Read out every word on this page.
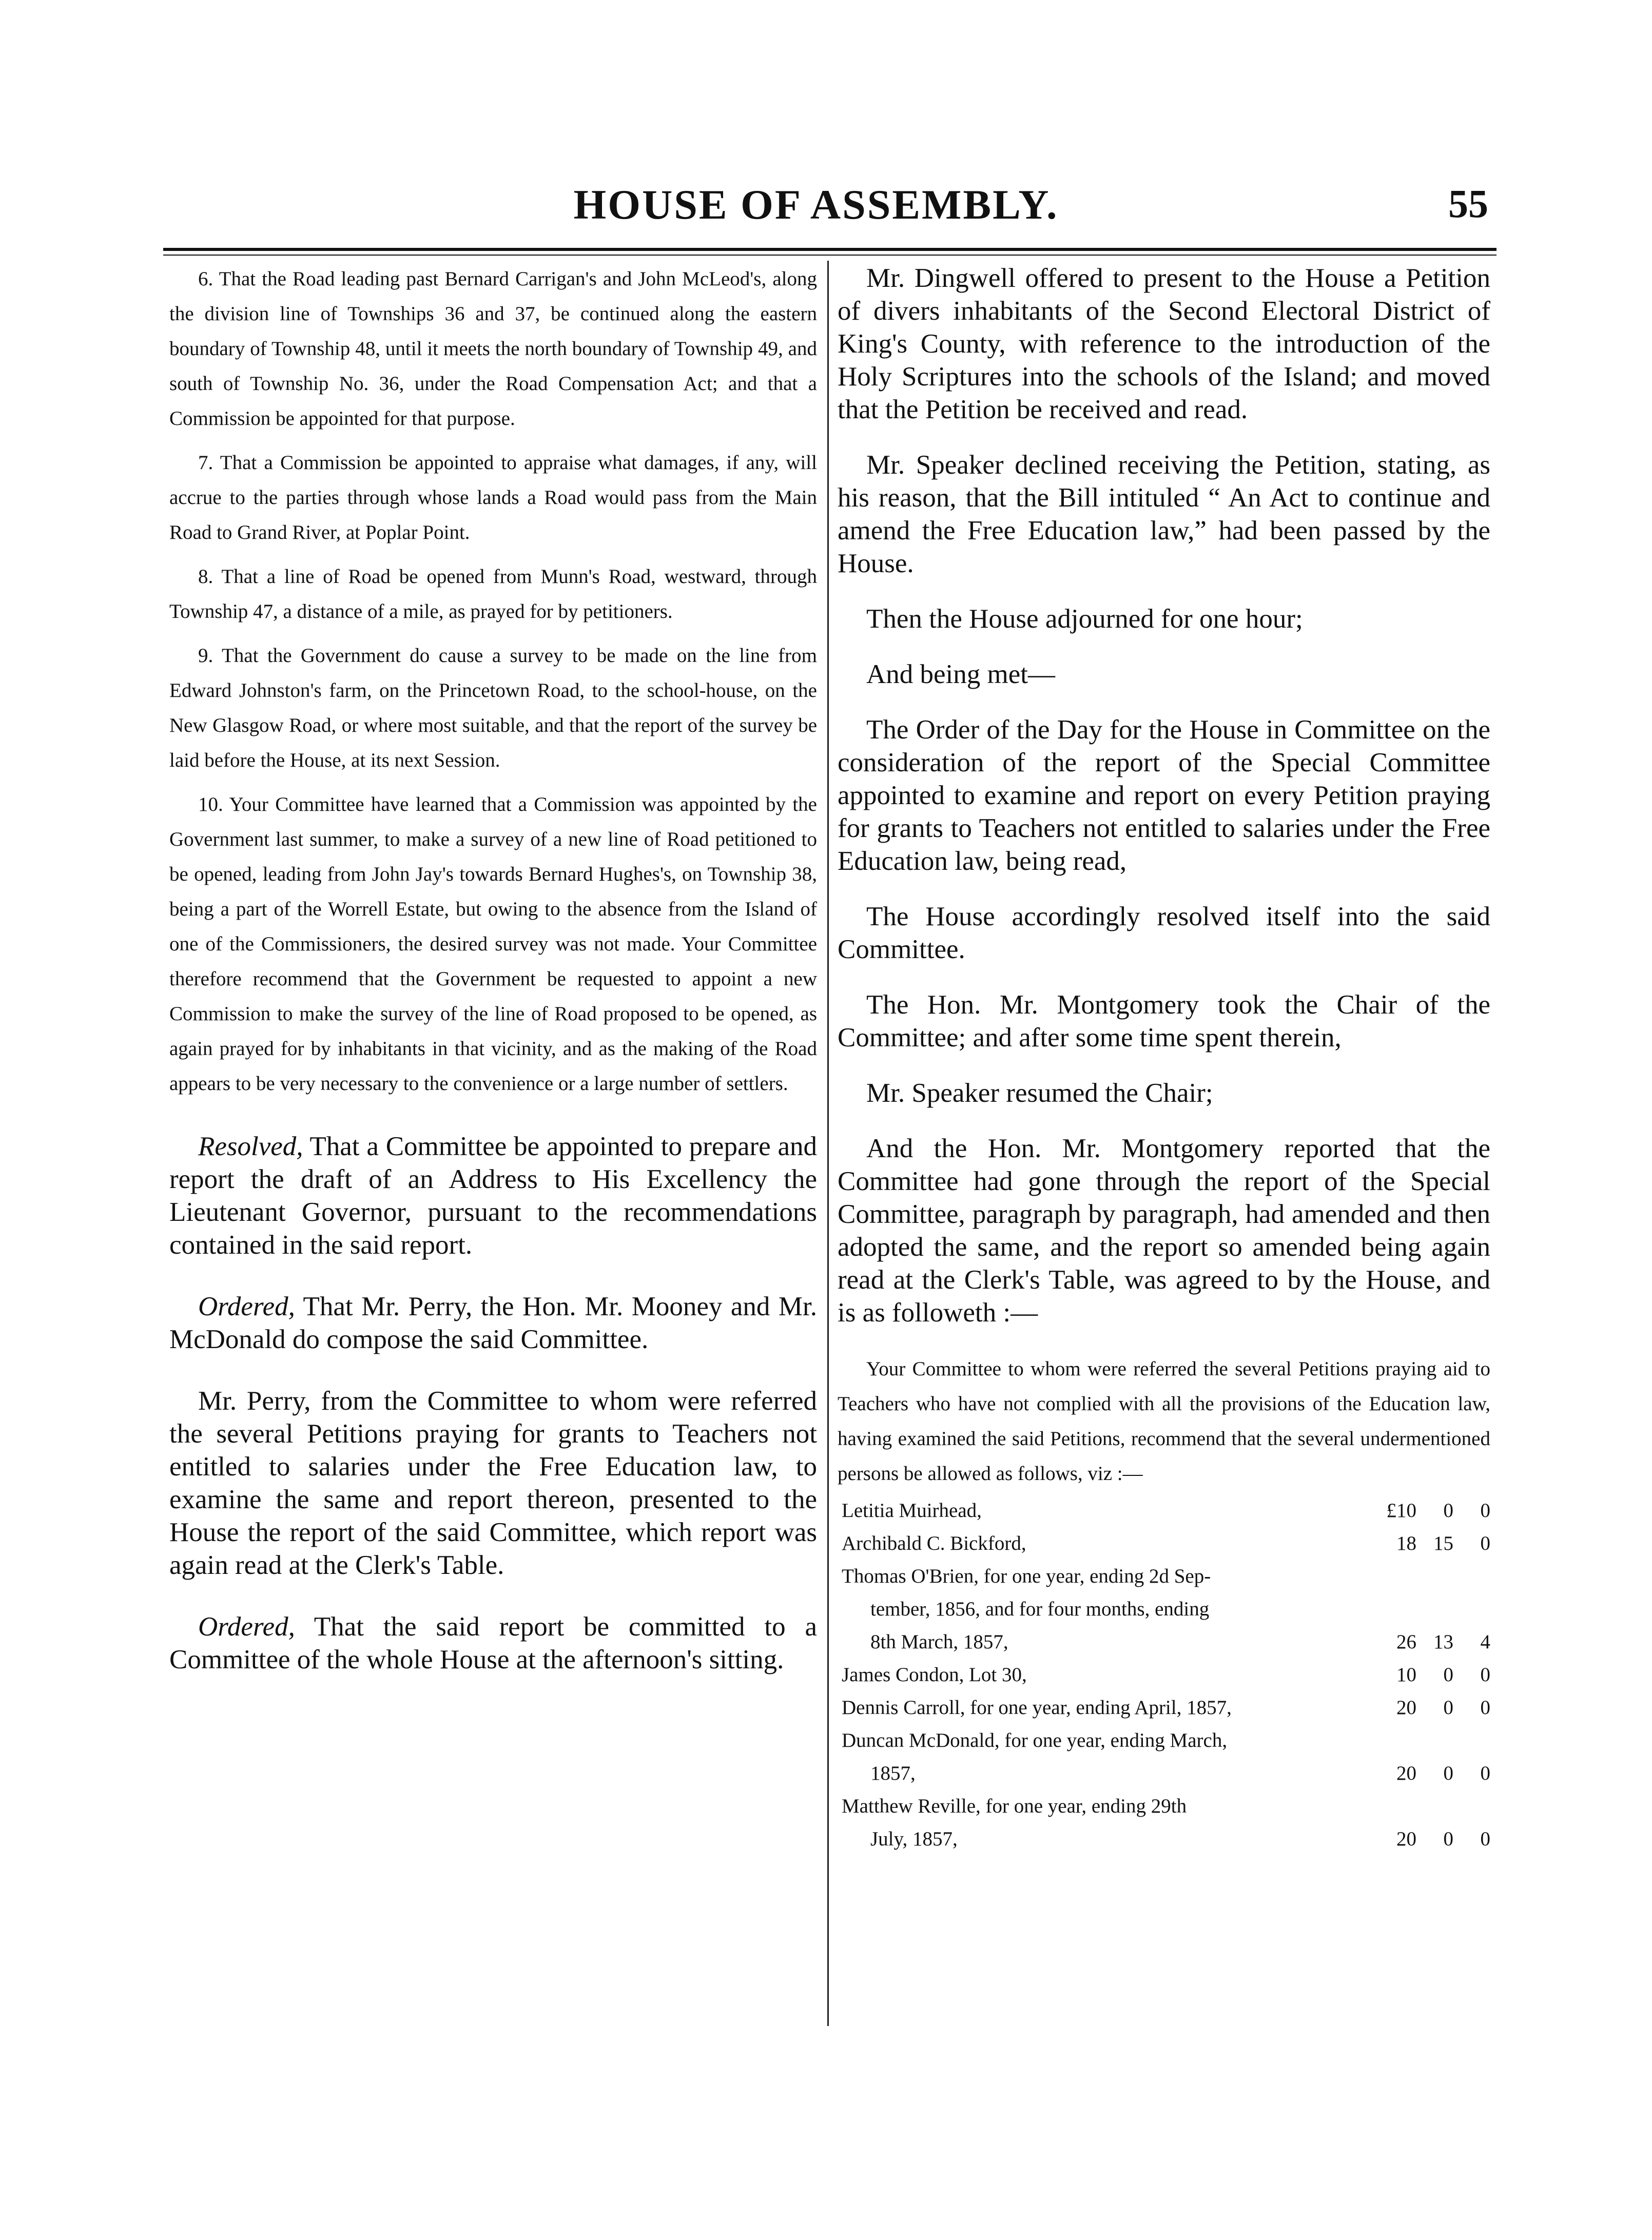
HOUSE OF ASSEMBLY.	55

6. That the Road leading past Bernard Carrigan's and John McLeod's, along the division line of Townships 36 and 37, be continued along the eastern boundary of Township 48, until it meets the north boundary of Township 49, and south of Township No. 36, under the Road Compensation Act; and that a Commission be appointed for that purpose.

7. That a Commission be appointed to appraise what damages, if any, will accrue to the parties through whose lands a Road would pass from the Main Road to Grand River, at Poplar Point.

8. That a line of Road be opened from Munn's Road, westward, through Township 47, a distance of a mile, as prayed for by petitioners.

9. That the Government do cause a survey to be made on the line from Edward Johnston's farm, on the Princetown Road, to the school-house, on the New Glasgow Road, or where most suitable, and that the report of the survey be laid before the House, at its next Session.

10. Your Committee have learned that a Commission was appointed by the Government last summer, to make a survey of a new line of Road petitioned to be opened, leading from John Jay's towards Bernard Hughes's, on Township 38, being a part of the Worrell Estate, but owing to the absence from the Island of one of the Commissioners, the desired survey was not made. Your Committee therefore recommend that the Government be requested to appoint a new Commission to make the survey of the line of Road proposed to be opened, as again prayed for by inhabitants in that vicinity, and as the making of the Road appears to be very necessary to the convenience or a large number of settlers.

Resolved, That a Committee be appointed to prepare and report the draft of an Address to His Excellency the Lieutenant Governor, pursuant to the recommendations contained in the said report.

Ordered, That Mr. Perry, the Hon. Mr. Mooney and Mr. McDonald do compose the said Committee.

Mr. Perry, from the Committee to whom were referred the several Petitions praying for grants to Teachers not entitled to salaries under the Free Education law, to examine the same and report thereon, presented to the House the report of the said Committee, which report was again read at the Clerk's Table.

Ordered, That the said report be committed to a Committee of the whole House at the afternoon's sitting.

Mr. Dingwell offered to present to the House a Petition of divers inhabitants of the Second Electoral District of King's County, with reference to the introduction of the Holy Scriptures into the schools of the Island; and moved that the Petition be received and read.

Mr. Speaker declined receiving the Petition, stating, as his reason, that the Bill intituled “ An Act to continue and amend the Free Education law,” had been passed by the House.

Then the House adjourned for one hour;

And being met—

The Order of the Day for the House in Committee on the consideration of the report of the Special Committee appointed to examine and report on every Petition praying for grants to Teachers not entitled to salaries under the Free Education law, being read,

The House accordingly resolved itself into the said Committee.

The Hon. Mr. Montgomery took the Chair of the Committee; and after some time spent therein,

Mr. Speaker resumed the Chair;

And the Hon. Mr. Montgomery reported that the Committee had gone through the report of the Special Committee, paragraph by paragraph, had amended and then adopted the same, and the report so amended being again read at the Clerk's Table, was agreed to by the House, and is as followeth :—

Your Committee to whom were referred the several Petitions praying aid to Teachers who have not complied with all the provisions of the Education law, having examined the said Petitions, recommend that the several undermentioned persons be allowed as follows, viz :—

Letitia Muirhead,	£10	0	0
Archibald C. Bickford,	18	15	0
Thomas O'Brien, for one year, ending 2d Sep-			
tember, 1856, and for four months, ending			
8th March, 1857,	26	13	4
James Condon, Lot 30,	10	0	0
Dennis Carroll, for one year, ending April, 1857,	20	0	0
Duncan McDonald, for one year, ending March,			
1857,	20	0	0
Matthew Reville, for one year, ending 29th			
July, 1857,	20	0	0
